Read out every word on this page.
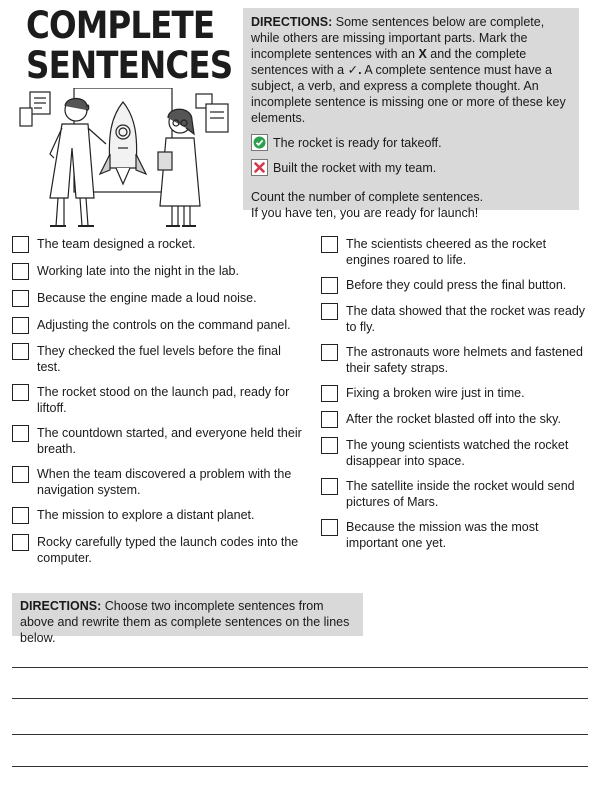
COMPLETE
SENTENCES

DIRECTIONS: Some sentences below are complete, while others are missing important parts. Mark the incomplete sentences with an X and the complete sentences with a ✓. A complete sentence must have a subject, a verb, and express a complete thought. An incomplete sentence is missing one or more of these key elements.

The rocket is ready for takeoff.
Built the rocket with my team.

Count the number of complete sentences.
If you have ten, you are ready for launch!

The team designed a rocket.
Working late into the night in the lab.
Because the engine made a loud noise.
Adjusting the controls on the command panel.
They checked the fuel levels before the final test.
The rocket stood on the launch pad, ready for liftoff.
The countdown started, and everyone held their breath.
When the team discovered a problem with the navigation system.
The mission to explore a distant planet.
Rocky carefully typed the launch codes into the computer.
The scientists cheered as the rocket engines roared to life.
Before they could press the final button.
The data showed that the rocket was ready to fly.
The astronauts wore helmets and fastened their safety straps.
Fixing a broken wire just in time.
After the rocket blasted off into the sky.
The young scientists watched the rocket disappear into space.
The satellite inside the rocket would send pictures of Mars.
Because the mission was the most important one yet.

DIRECTIONS: Choose two incomplete sentences from above and rewrite them as complete sentences on the lines below.
